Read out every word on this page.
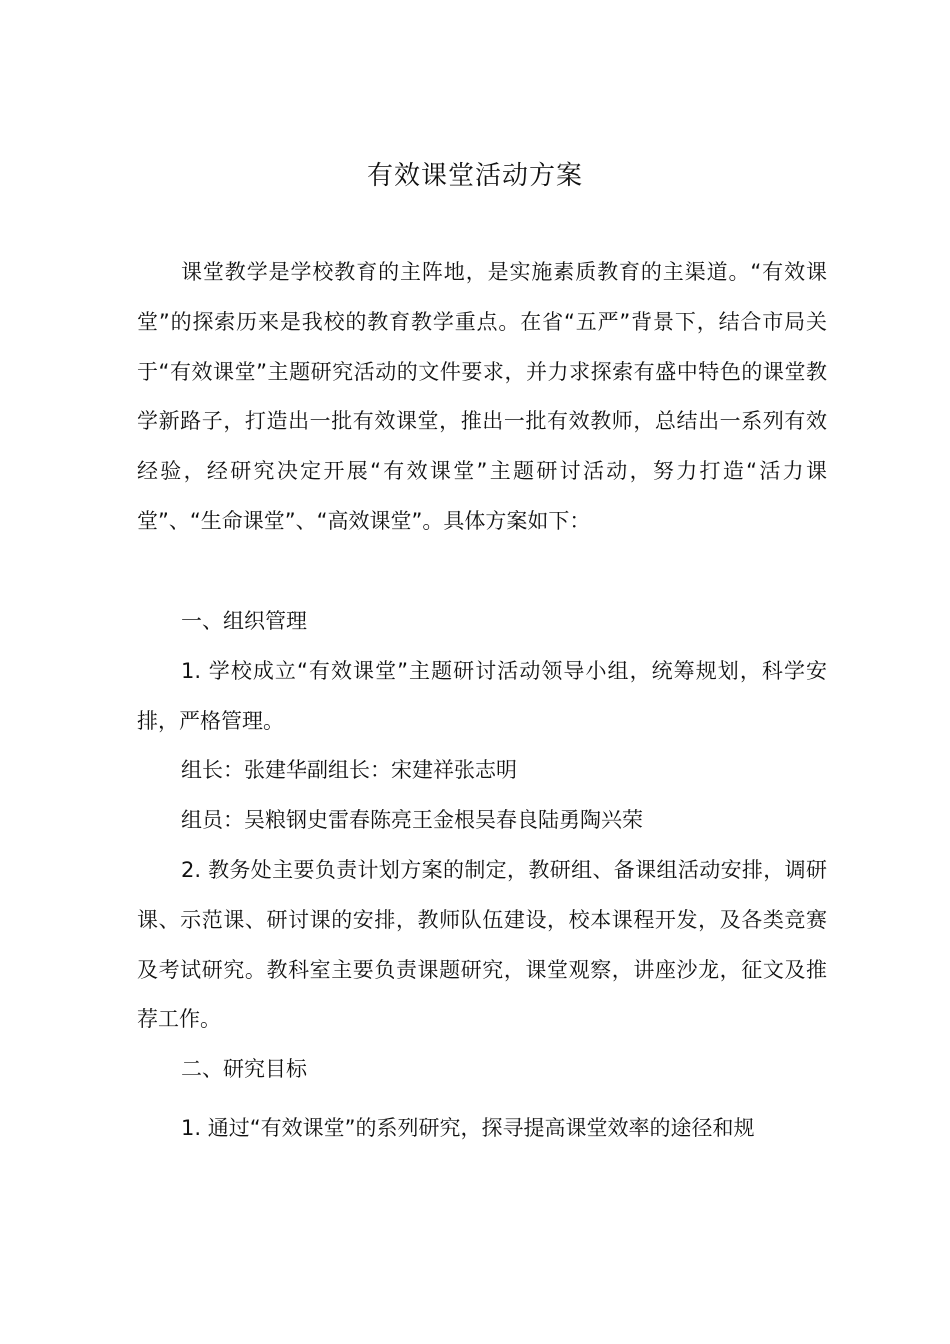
有效课堂活动方案

课堂教学是学校教育的主阵地，是实施素质教育的主渠道。“有效课堂”的探索历来是我校的教育教学重点。在省“五严”背景下，结合市局关于“有效课堂”主题研究活动的文件要求，并力求探索有盛中特色的课堂教学新路子，打造出一批有效课堂，推出一批有效教师，总结出一系列有效经验，经研究决定开展“有效课堂”主题研讨活动，努力打造“活力课堂”、“生命课堂”、“高效课堂”。具体方案如下：

一、组织管理

1. 学校成立“有效课堂”主题研讨活动领导小组，统筹规划，科学安排，严格管理。

组长：张建华副组长：宋建祥张志明

组员：吴粮钢史雷春陈亮王金根吴春良陆勇陶兴荣

2. 教务处主要负责计划方案的制定，教研组、备课组活动安排，调研课、示范课、研讨课的安排，教师队伍建设，校本课程开发，及各类竞赛及考试研究。教科室主要负责课题研究，课堂观察，讲座沙龙，征文及推荐工作。

二、研究目标

1. 通过“有效课堂”的系列研究，探寻提高课堂效率的途径和规
